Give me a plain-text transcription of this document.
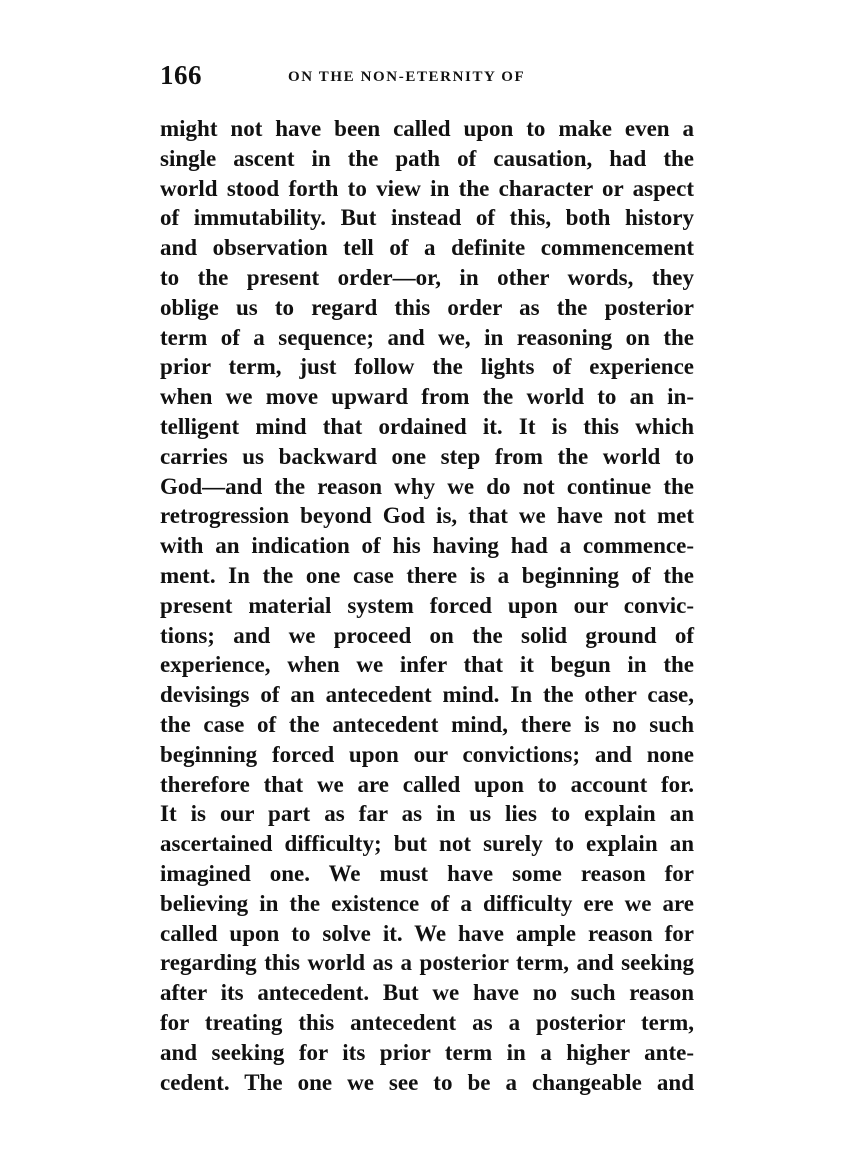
166	ON THE NON-ETERNITY OF
might not have been called upon to make even a
single ascent in the path of causation, had the
world stood forth to view in the character or aspect
of immutability. But instead of this, both history
and observation tell of a definite commencement
to the present order—or, in other words, they
oblige us to regard this order as the posterior
term of a sequence; and we, in reasoning on the
prior term, just follow the lights of experience
when we move upward from the world to an in-
telligent mind that ordained it. It is this which
carries us backward one step from the world to
God—and the reason why we do not continue the
retrogression beyond God is, that we have not met
with an indication of his having had a commence-
ment. In the one case there is a beginning of the
present material system forced upon our convic-
tions; and we proceed on the solid ground of
experience, when we infer that it begun in the
devisings of an antecedent mind. In the other case,
the case of the antecedent mind, there is no such
beginning forced upon our convictions; and none
therefore that we are called upon to account for.
It is our part as far as in us lies to explain an
ascertained difficulty; but not surely to explain an
imagined one. We must have some reason for
believing in the existence of a difficulty ere we are
called upon to solve it. We have ample reason for
regarding this world as a posterior term, and seeking
after its antecedent. But we have no such reason
for treating this antecedent as a posterior term,
and seeking for its prior term in a higher ante-
cedent. The one we see to be a changeable and
